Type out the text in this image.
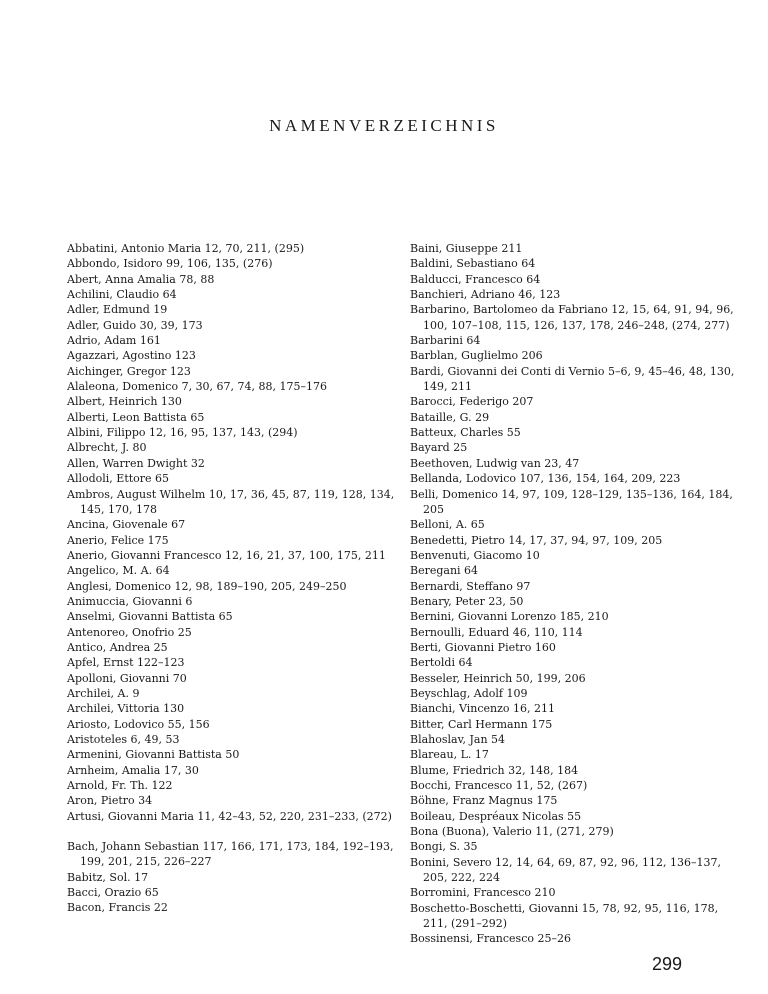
NAMENVERZEICHNIS
Abbatini, Antonio Maria 12, 70, 211, (295)
Abbondo, Isidoro 99, 106, 135, (276)
Abert, Anna Amalia 78, 88
Achilini, Claudio 64
Adler, Edmund 19
Adler, Guido 30, 39, 173
Adrio, Adam 161
Agazzari, Agostino 123
Aichinger, Gregor 123
Alaleona, Domenico 7, 30, 67, 74, 88, 175–176
Albert, Heinrich 130
Alberti, Leon Battista 65
Albini, Filippo 12, 16, 95, 137, 143, (294)
Albrecht, J. 80
Allen, Warren Dwight 32
Allodoli, Ettore 65
Ambros, August Wilhelm 10, 17, 36, 45, 87, 119, 128, 134, 145, 170, 178
Ancina, Giovenale 67
Anerio, Felice 175
Anerio, Giovanni Francesco 12, 16, 21, 37, 100, 175, 211
Angelico, M. A. 64
Anglesi, Domenico 12, 98, 189–190, 205, 249–250
Animuccia, Giovanni 6
Anselmi, Giovanni Battista 65
Antenoreo, Onofrio 25
Antico, Andrea 25
Apfel, Ernst 122–123
Apolloni, Giovanni 70
Archilei, A. 9
Archilei, Vittoria 130
Ariosto, Lodovico 55, 156
Aristoteles 6, 49, 53
Armenini, Giovanni Battista 50
Arnheim, Amalia 17, 30
Arnold, Fr. Th. 122
Aron, Pietro 34
Artusi, Giovanni Maria 11, 42–43, 52, 220, 231–233, (272)
Bach, Johann Sebastian 117, 166, 171, 173, 184, 192–193, 199, 201, 215, 226–227
Babitz, Sol. 17
Bacci, Orazio 65
Bacon, Francis 22
Baini, Giuseppe 211
Baldini, Sebastiano 64
Balducci, Francesco 64
Banchieri, Adriano 46, 123
Barbarino, Bartolomeo da Fabriano 12, 15, 64, 91, 94, 96, 100, 107–108, 115, 126, 137, 178, 246–248, (274, 277)
Barbarini 64
Barblan, Guglielmo 206
Bardi, Giovanni dei Conti di Vernio 5–6, 9, 45–46, 48, 130, 149, 211
Barocci, Federigo 207
Bataille, G. 29
Batteux, Charles 55
Bayard 25
Beethoven, Ludwig van 23, 47
Bellanda, Lodovico 107, 136, 154, 164, 209, 223
Belli, Domenico 14, 97, 109, 128–129, 135–136, 164, 184, 205
Belloni, A. 65
Benedetti, Pietro 14, 17, 37, 94, 97, 109, 205
Benvenuti, Giacomo 10
Beregani 64
Bernardi, Steffano 97
Benary, Peter 23, 50
Bernini, Giovanni Lorenzo 185, 210
Bernoulli, Eduard 46, 110, 114
Berti, Giovanni Pietro 160
Bertoldi 64
Besseler, Heinrich 50, 199, 206
Beyschlag, Adolf 109
Bianchi, Vincenzo 16, 211
Bitter, Carl Hermann 175
Blahoslav, Jan 54
Blareau, L. 17
Blume, Friedrich 32, 148, 184
Bocchi, Francesco 11, 52, (267)
Böhne, Franz Magnus 175
Boileau, Despréaux Nicolas 55
Bona (Buona), Valerio 11, (271, 279)
Bongi, S. 35
Bonini, Severo 12, 14, 64, 69, 87, 92, 96, 112, 136–137, 205, 222, 224
Borromini, Francesco 210
Boschetto-Boschetti, Giovanni 15, 78, 92, 95, 116, 178, 211, (291–292)
Bossinensi, Francesco 25–26
299
